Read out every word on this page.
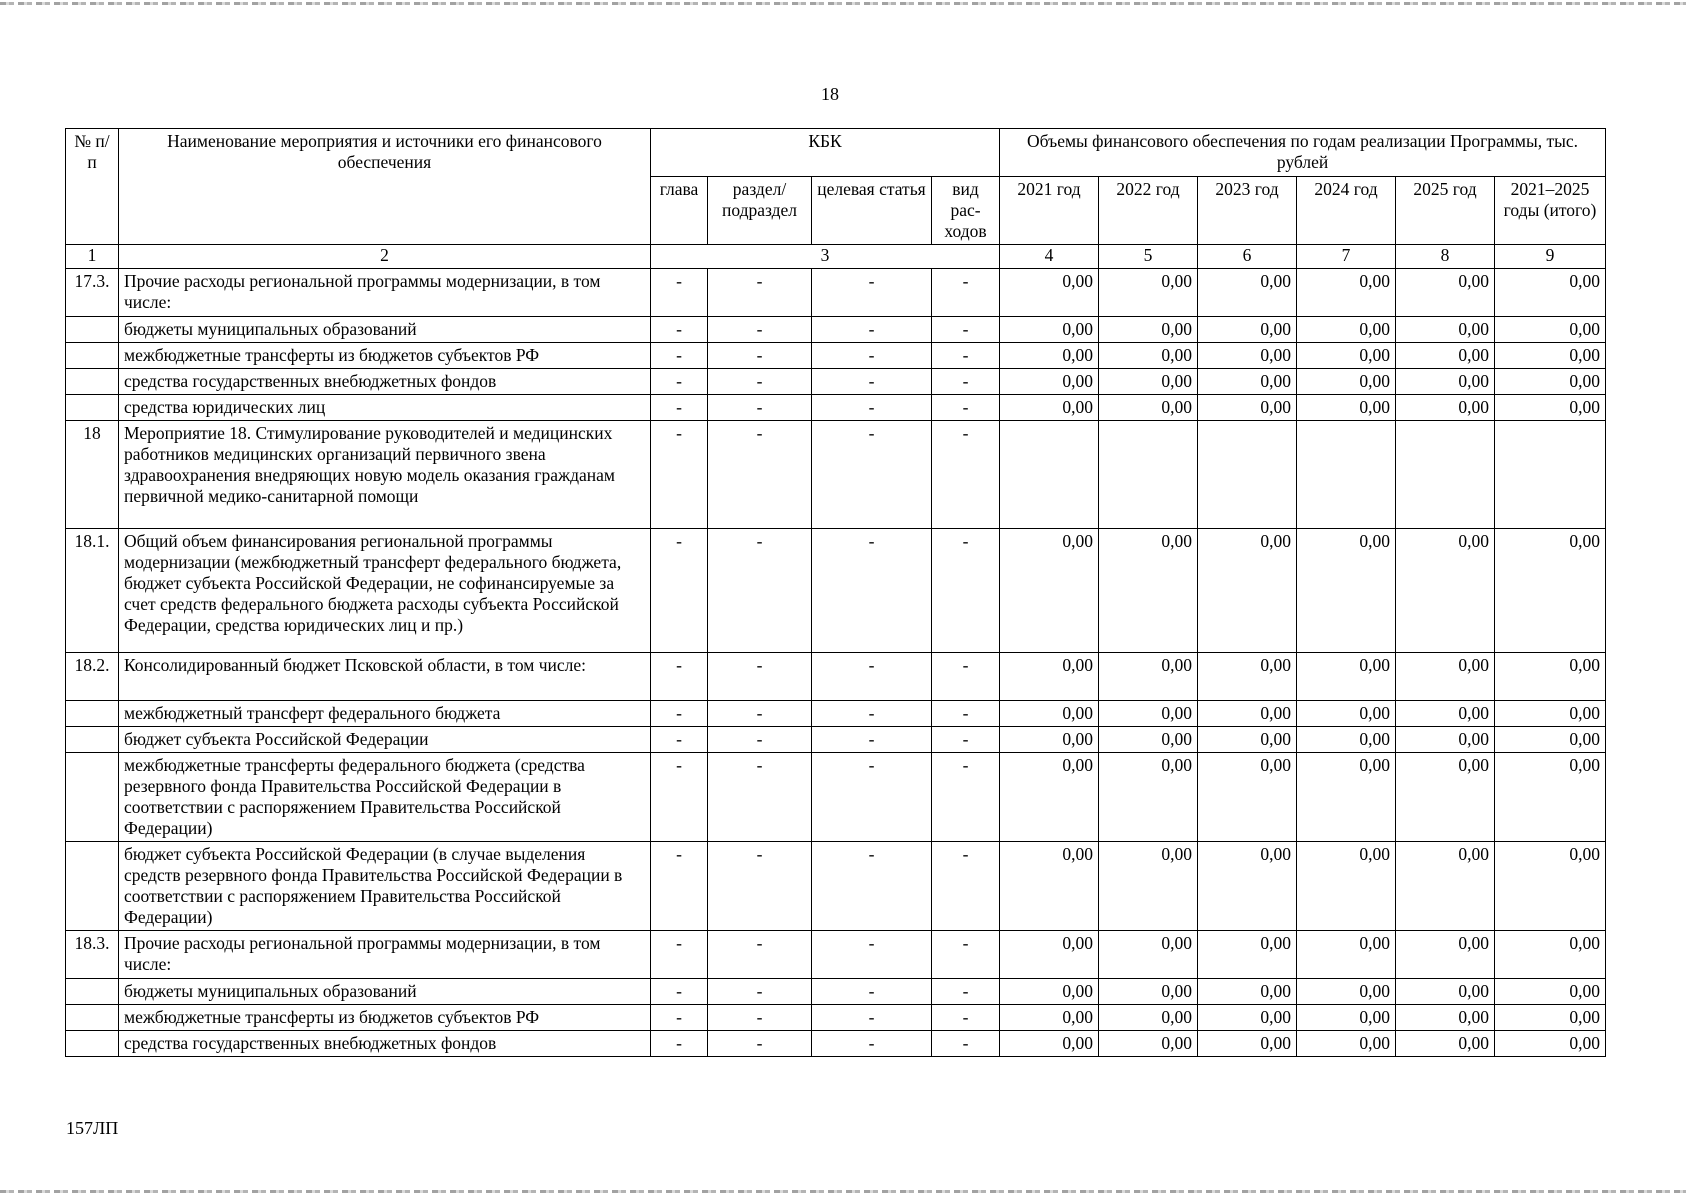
18
№ п/п	Наименование мероприятия и источники его финансового обеспечения	КБК				Объемы финансового обеспечения по годам реализации Программы, тыс. рублей					
		глава	раздел/ подраздел	целевая статья	вид рас-ходов	2021 год	2022 год	2023 год	2024 год	2025 год	2021–2025 годы (итого)
1	2	3				4	5	6	7	8	9
17.3.	Прочие расходы региональной программы модернизации, в том числе:	-	-	-	-	0,00	0,00	0,00	0,00	0,00	0,00
	бюджеты муниципальных образований	-	-	-	-	0,00	0,00	0,00	0,00	0,00	0,00
	межбюджетные трансферты из бюджетов субъектов РФ	-	-	-	-	0,00	0,00	0,00	0,00	0,00	0,00
	средства государственных внебюджетных фондов	-	-	-	-	0,00	0,00	0,00	0,00	0,00	0,00
	средства юридических лиц	-	-	-	-	0,00	0,00	0,00	0,00	0,00	0,00
18	Мероприятие 18. Стимулирование руководителей и медицинских работников медицинских организаций первичного звена здравоохранения внедряющих новую модель оказания гражданам первичной медико-санитарной помощи	-	-	-	-						
18.1.	Общий объем финансирования региональной программы модернизации (межбюджетный трансферт федерального бюджета, бюджет субъекта Российской Федерации, не софинансируемые за счет средств федерального бюджета расходы субъекта Российской Федерации, средства юридических лиц и пр.)	-	-	-	-	0,00	0,00	0,00	0,00	0,00	0,00
18.2.	Консолидированный бюджет Псковской области, в том числе:	-	-	-	-	0,00	0,00	0,00	0,00	0,00	0,00
	межбюджетный трансферт федерального бюджета	-	-	-	-	0,00	0,00	0,00	0,00	0,00	0,00
	бюджет субъекта Российской Федерации	-	-	-	-	0,00	0,00	0,00	0,00	0,00	0,00
	межбюджетные трансферты федерального бюджета (средства резервного фонда Правительства Российской Федерации в соответствии с распоряжением Правительства Российской Федерации)	-	-	-	-	0,00	0,00	0,00	0,00	0,00	0,00
	бюджет субъекта Российской Федерации (в случае выделения средств резервного фонда Правительства Российской Федерации в соответствии с распоряжением Правительства Российской Федерации)	-	-	-	-	0,00	0,00	0,00	0,00	0,00	0,00
18.3.	Прочие расходы региональной программы модернизации, в том числе:	-	-	-	-	0,00	0,00	0,00	0,00	0,00	0,00
	бюджеты муниципальных образований	-	-	-	-	0,00	0,00	0,00	0,00	0,00	0,00
	межбюджетные трансферты из бюджетов субъектов РФ	-	-	-	-	0,00	0,00	0,00	0,00	0,00	0,00
	средства государственных внебюджетных фондов	-	-	-	-	0,00	0,00	0,00	0,00	0,00	0,00
157ЛП
